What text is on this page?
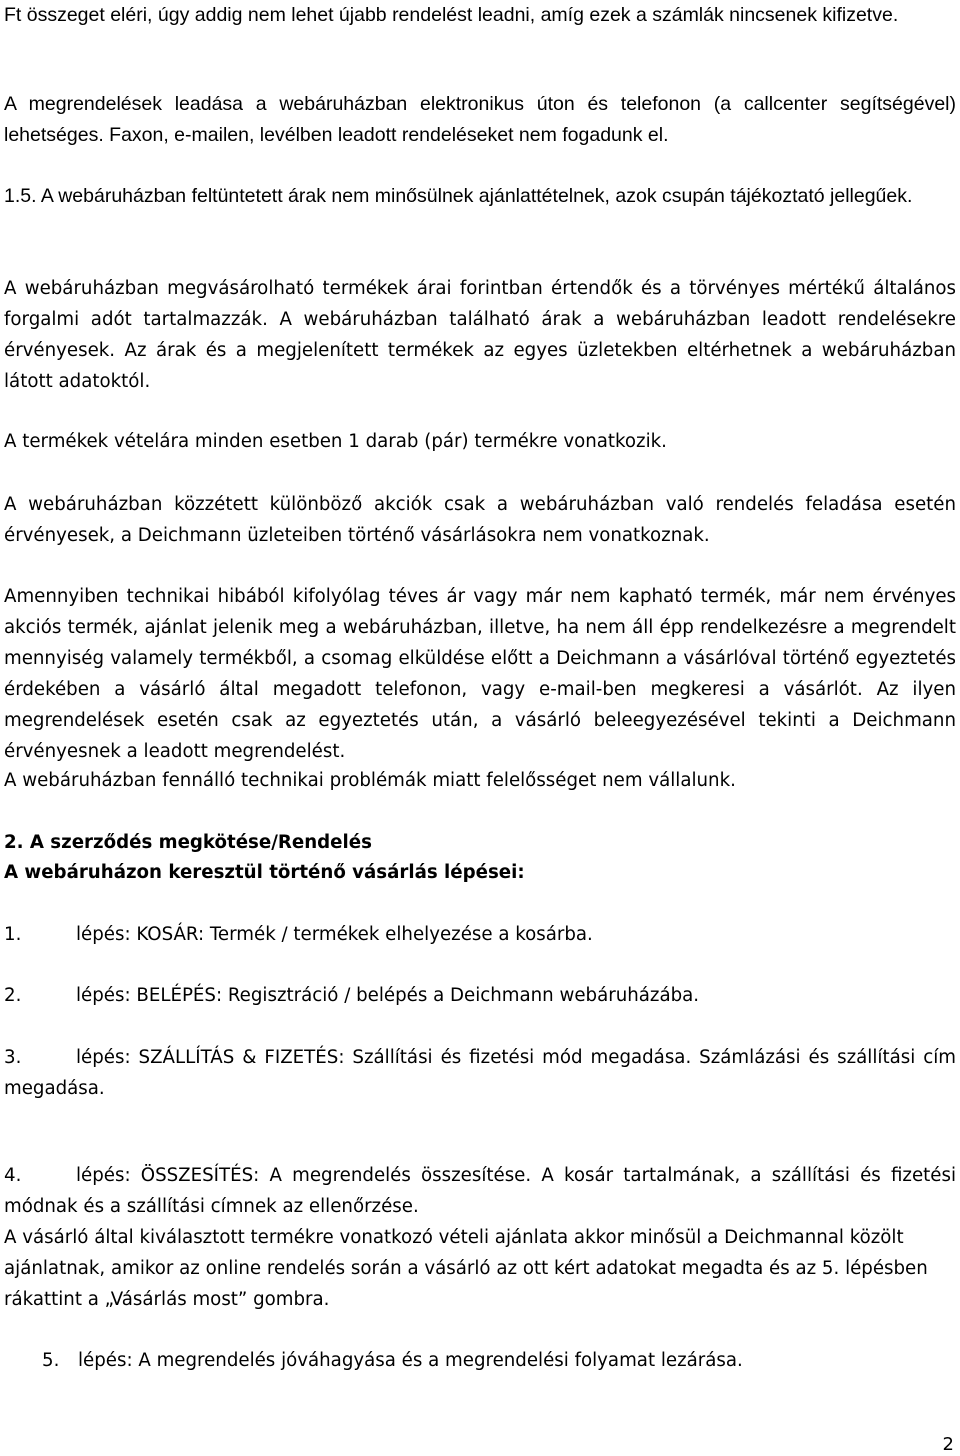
Ft összeget eléri, úgy addig nem lehet újabb rendelést leadni, amíg ezek a számlák nincsenek kifizetve.

A megrendelések leadása a webáruházban elektronikus úton és telefonon (a callcenter segítségével) lehetséges. Faxon, e-mailen, levélben leadott rendeléseket nem fogadunk el.

1.5. A webáruházban feltüntetett árak nem minősülnek ajánlattételnek, azok csupán tájékoztató jellegűek.

A webáruházban megvásárolható termékek árai forintban értendők és a törvényes mértékű általános forgalmi adót tartalmazzák. A webáruházban található árak a webáruházban leadott rendelésekre érvényesek. Az árak és a megjelenített termékek az egyes üzletekben eltérhetnek a webáruházban látott adatoktól.

A termékek vételára minden esetben 1 darab (pár) termékre vonatkozik.

A webáruházban közzétett különböző akciók csak a webáruházban való rendelés feladása esetén érvényesek, a Deichmann üzleteiben történő vásárlásokra nem vonatkoznak.

Amennyiben technikai hibából kifolyólag téves ár vagy már nem kapható termék, már nem érvényes akciós termék, ajánlat jelenik meg a webáruházban, illetve, ha nem áll épp rendelkezésre a megrendelt mennyiség valamely termékből, a csomag elküldése előtt a Deichmann a vásárlóval történő egyeztetés érdekében a vásárló által megadott telefonon, vagy e-mail-ben megkeresi a vásárlót. Az ilyen megrendelések esetén csak az egyeztetés után, a vásárló beleegyezésével tekinti a Deichmann érvényesnek a leadott megrendelést.

A webáruházban fennálló technikai problémák miatt felelősséget nem vállalunk.

2. A szerződés megkötése/Rendelés

A webáruházon keresztül történő vásárlás lépései:

1.	lépés: KOSÁR: Termék / termékek elhelyezése a kosárba.
2.	lépés: BELÉPÉS: Regisztráció / belépés a Deichmann webáruházába.
3.	lépés: SZÁLLÍTÁS & FIZETÉS: Szállítási és fizetési mód megadása. Számlázási és szállítási cím megadása.
4.	lépés: ÖSSZESÍTÉS: A megrendelés összesítése. A kosár tartalmának, a szállítási és fizetési módnak és a szállítási címnek az ellenőrzése.

A vásárló által kiválasztott termékre vonatkozó vételi ajánlata akkor minősül a Deichmannal közölt ajánlatnak, amikor az online rendelés során a vásárló az ott kért adatokat megadta és az 5. lépésben rákattint a „Vásárlás most” gombra.

5. lépés: A megrendelés jóváhagyása és a megrendelési folyamat lezárása.
2
